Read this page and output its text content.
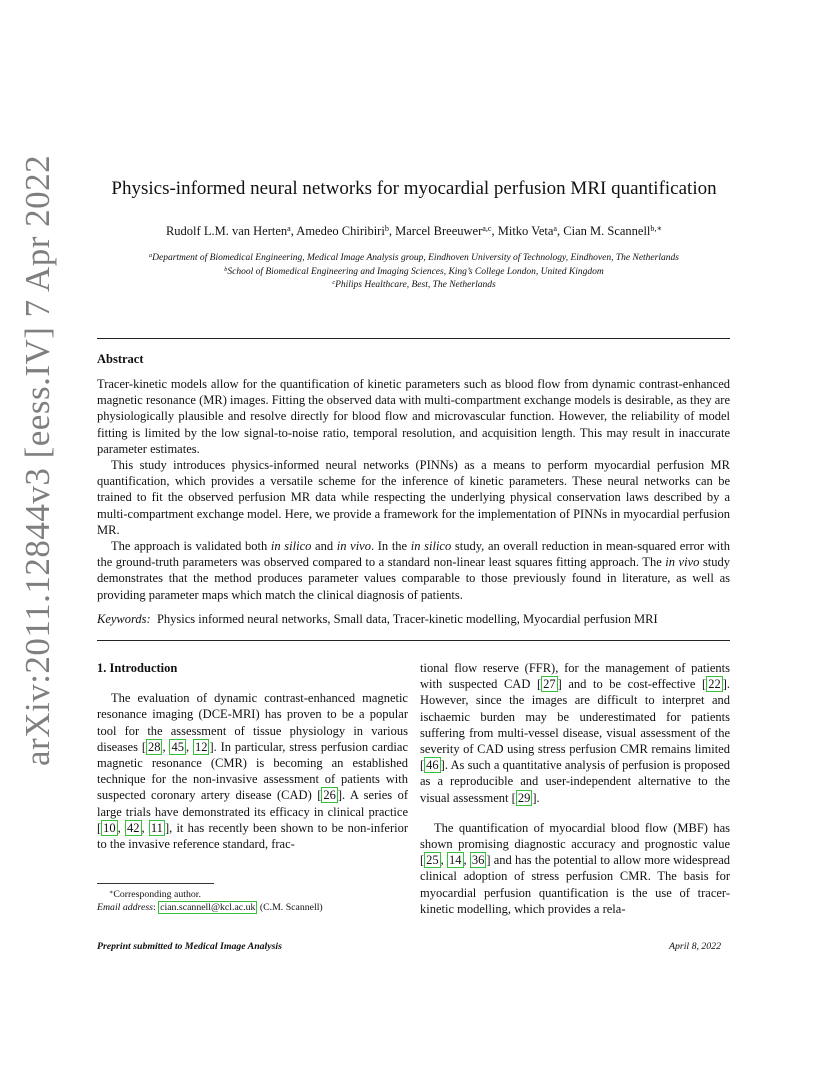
arXiv:2011.12844v3 [eess.IV] 7 Apr 2022	Physics-informed neural networks for myocardial perfusion MRI quantification
Rudolf L.M. van Herten$^a$, Amedeo Chiribiri$^b$, Marcel Breeuwer$^{a,c}$, Mitko Veta$^a$, Cian M. Scannell$^{b,∗}$
$^a$Department of Biomedical Engineering, Medical Image Analysis group, Eindhoven University of Technology, Eindhoven, The Netherlands
$^b$School of Biomedical Engineering and Imaging Sciences, King’s College London, United Kingdom
$^c$Philips Healthcare, Best, The Netherlands
Abstract

Tracer-kinetic models allow for the quantification of kinetic parameters such as blood flow from dynamic contrast-enhanced magnetic resonance (MR) images. Fitting the observed data with multi-compartment exchange models is desirable, as they are physiologically plausible and resolve directly for blood flow and microvascular function. However, the reliability of model fitting is limited by the low signal-to-noise ratio, temporal resolution, and acquisition length. This may result in inaccurate parameter estimates.

This study introduces physics-informed neural networks (PINNs) as a means to perform myocardial perfusion MR quantification, which provides a versatile scheme for the inference of kinetic parameters. These neural networks can be trained to fit the observed perfusion MR data while respecting the underlying physical conservation laws described by a multi-compartment exchange model. Here, we provide a framework for the implementation of PINNs in myocardial perfusion MR.

The approach is validated both in silico and in vivo. In the in silico study, an overall reduction in mean-squared error with the ground-truth parameters was observed compared to a standard non-linear least squares fitting approach. The in vivo study demonstrates that the method produces parameter values comparable to those previously found in literature, as well as providing parameter maps which match the clinical diagnosis of patients.

Keywords: Physics informed neural networks, Small data, Tracer-kinetic modelling, Myocardial perfusion MRI

1. Introduction

The evaluation of dynamic contrast-enhanced magnetic resonance imaging (DCE-MRI) has proven to be a popular tool for the assessment of tissue physiology in various diseases [ 28 , 45 , 12 ]. In particular, stress perfusion cardiac magnetic resonance (CMR) is becoming an established technique for the non-invasive assessment of patients with suspected coronary artery disease (CAD) [ 26 ]. A series of large trials have demonstrated its efficacy in clinical practice [ 10 , 42 , 11 ], it has recently been shown to be non-inferior to the invasive reference standard, frac-

tional flow reserve (FFR), for the management of patients with suspected CAD [ 27 ] and to be cost-effective [ 22 ]. However, since the images are difficult to interpret and ischaemic burden may be underestimated for patients suffering from multi-vessel disease, visual assessment of the severity of CAD using stress perfusion CMR remains limited [ 46 ]. As such a quantitative analysis of perfusion is proposed as a reproducible and user-independent alternative to the visual assessment [ 29 ].

The quantification of myocardial blood flow (MBF) has shown promising diagnostic accuracy and prognostic value [ 25 , 14 , 36 ] and has the potential to allow more widespread clinical adoption of stress perfusion CMR. The basis for myocardial perfusion quantification is the use of tracer-kinetic modelling, which provides a rela-

∗Corresponding author.
Email address: cian.scannell@kcl.ac.uk (C.M. Scannell)
Preprint submitted to Medical Image Analysis	April 8, 2022
